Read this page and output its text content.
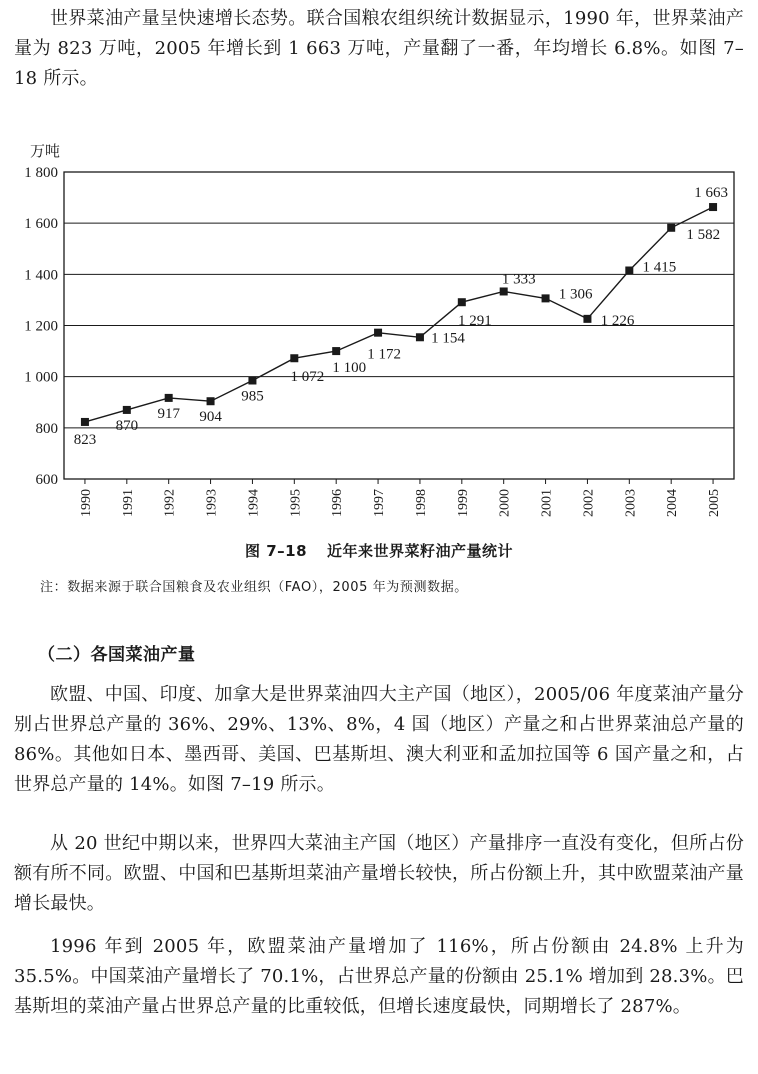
世界菜油产量呈快速增长态势。联合国粮农组织统计数据显示，1990 年，世界菜油产量为 823 万吨，2005 年增长到 1 663 万吨，产量翻了一番，年均增长 6.8%。如图 7–18 所示。

万吨
600
800
1 000
1 200
1 400
1 600
1 800
823
870
917 904
985
1 072
1 100
1 172
1 154
1 291
1 333
1 306
1 226
1 415
1 582
1 663
1990 1991 1992 1993 1994 1995 1996 1997 1998 1999 2000 2001 2002 2003 2004 2005
图 7–18 近年来世界菜籽油产量统计
注：数据来源于联合国粮食及农业组织（FAO），2005 年为预测数据。
（二）各国菜油产量

欧盟、中国、印度、加拿大是世界菜油四大主产国（地区），2005/06 年度菜油产量分别占世界总产量的 36%、29%、13%、8%，4 国（地区）产量之和占世界菜油总产量的 86%。其他如日本、墨西哥、美国、巴基斯坦、澳大利亚和孟加拉国等 6 国产量之和，占世界总产量的 14%。如图 7–19 所示。

从 20 世纪中期以来，世界四大菜油主产国（地区）产量排序一直没有变化，但所占份额有所不同。欧盟、中国和巴基斯坦菜油产量增长较快，所占份额上升，其中欧盟菜油产量增长最快。

1996 年到 2005 年，欧盟菜油产量增加了 116%，所占份额由 24.8% 上升为 35.5%。中国菜油产量增长了 70.1%，占世界总产量的份额由 25.1% 增加到 28.3%。巴基斯坦的菜油产量占世界总产量的比重较低，但增长速度最快，同期增长了 287%。
